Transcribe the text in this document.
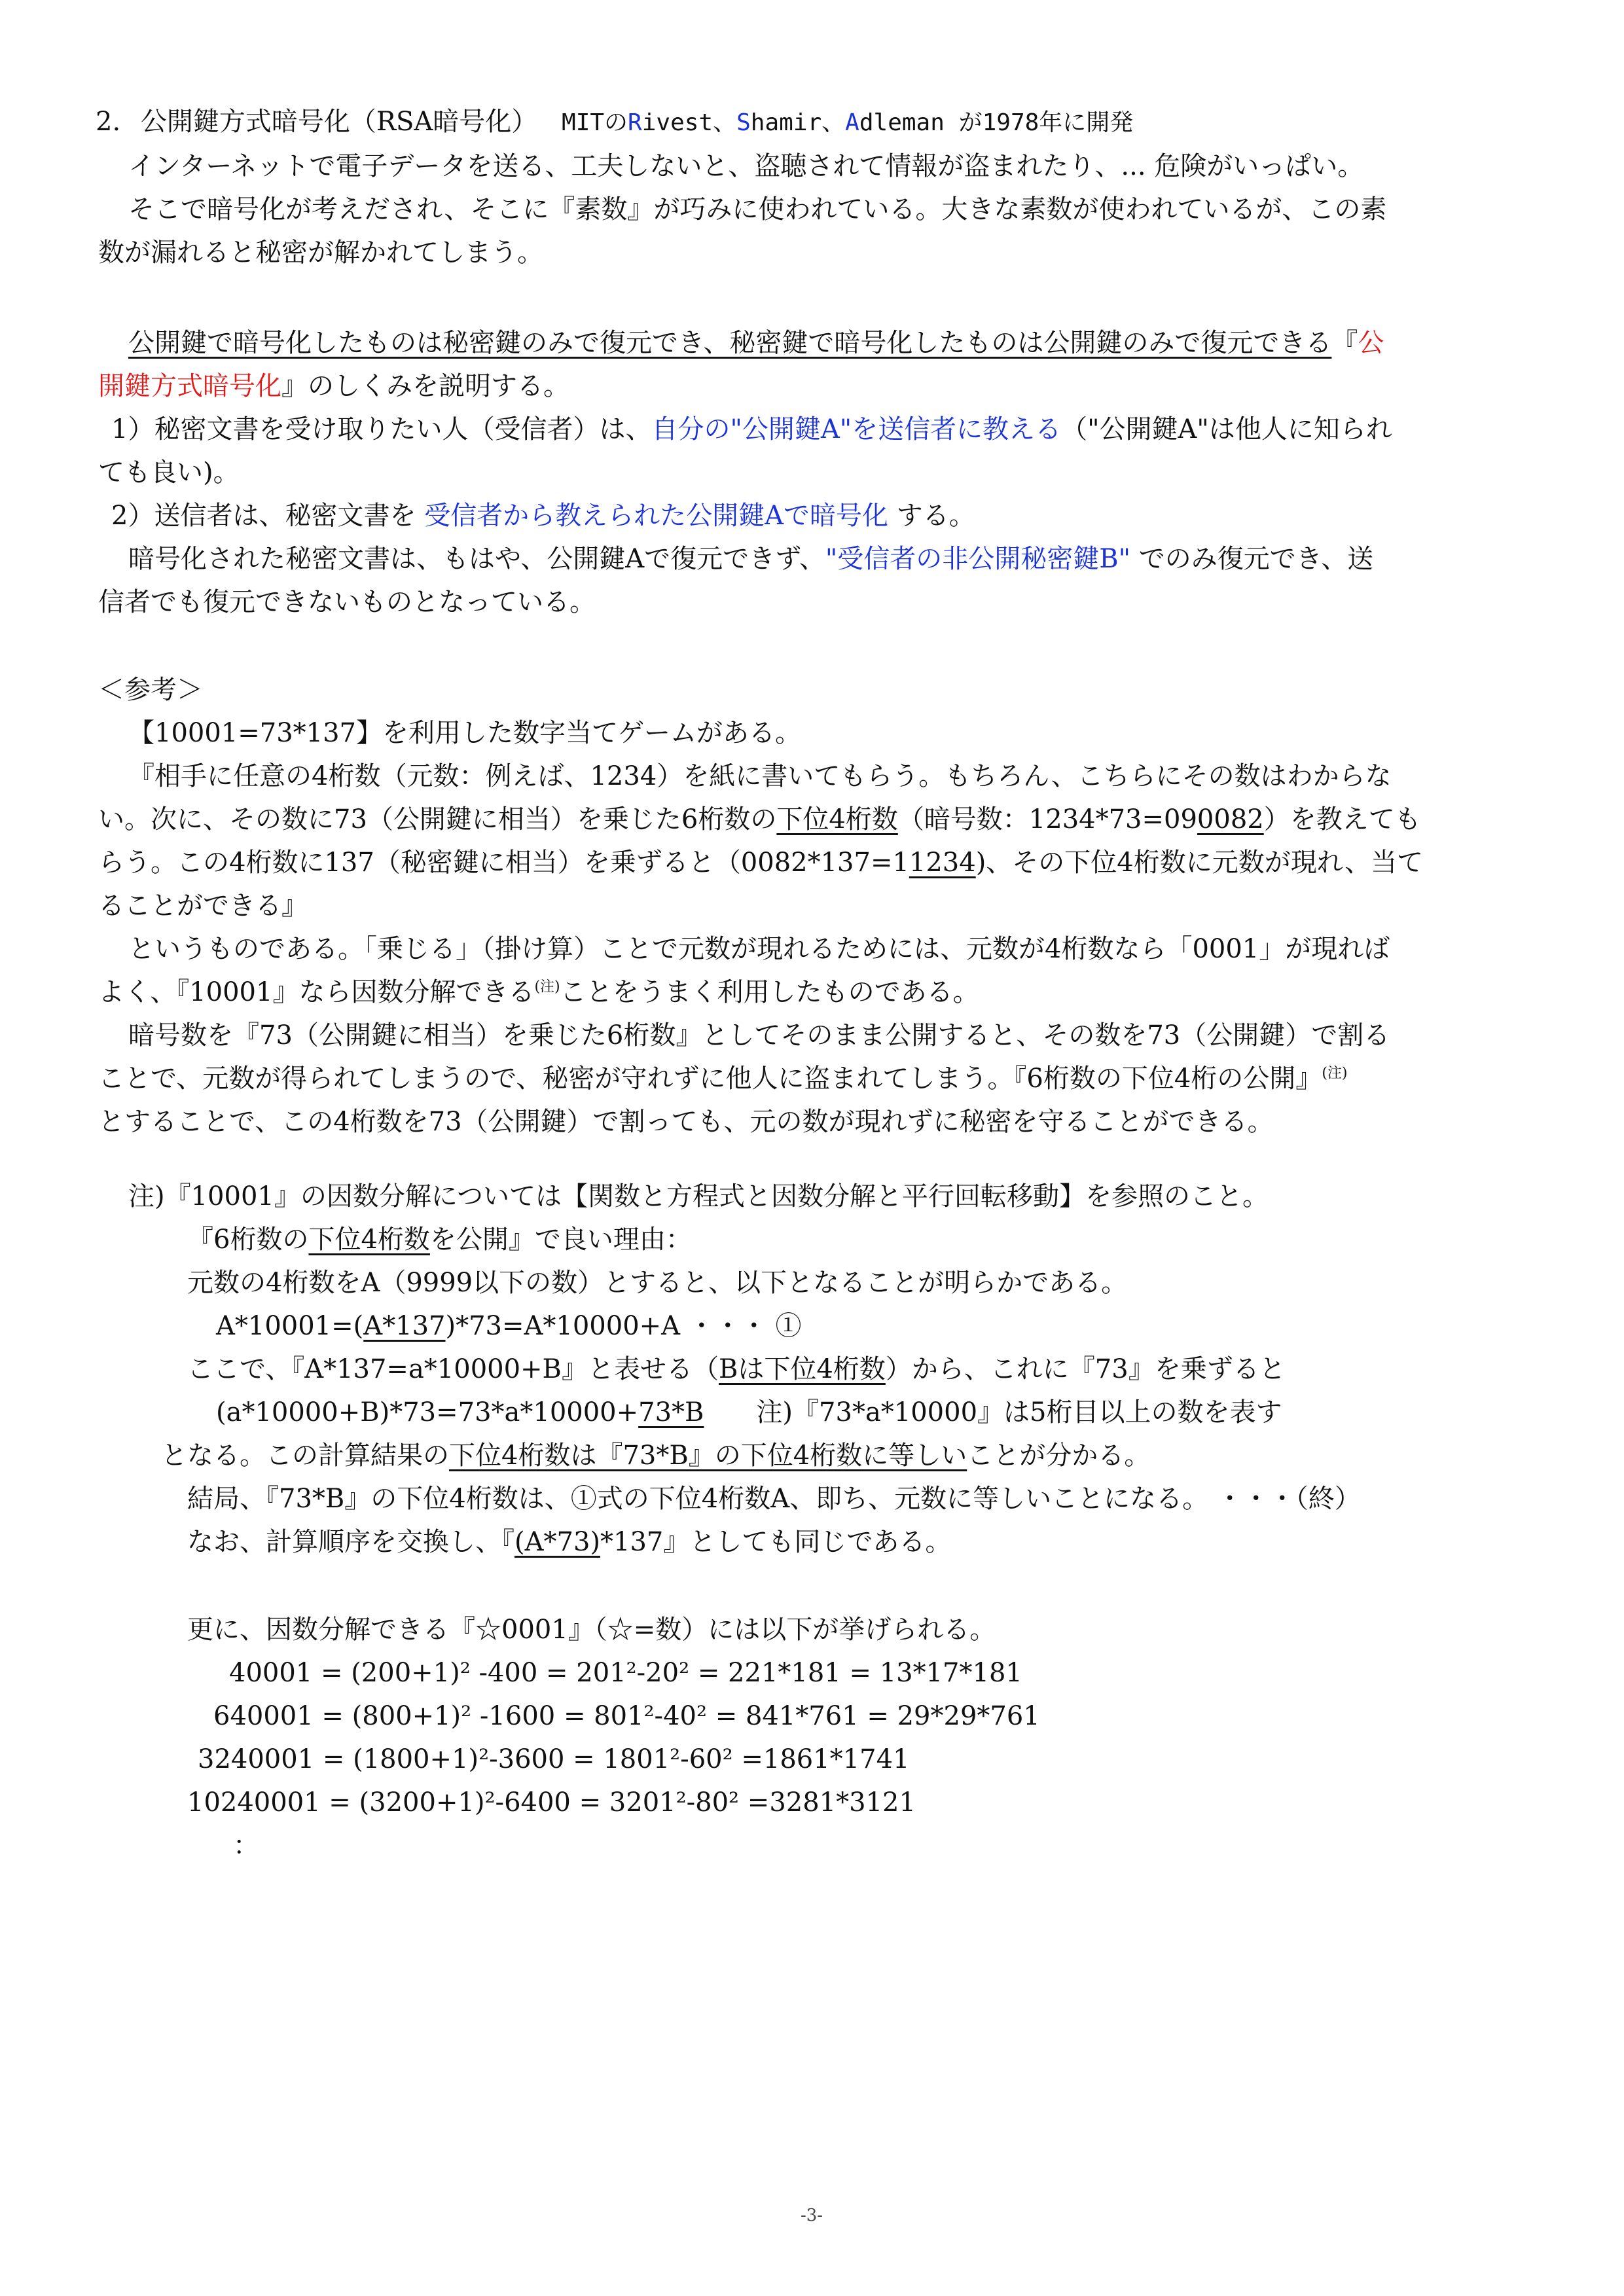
2. 公開鍵方式暗号化（RSA暗号化） MITのRivest、Shamir、Adleman が1978年に開発
インターネットで電子データを送る、工夫しないと、盗聴されて情報が盗まれたり、... 危険がいっぱい。
そこで暗号化が考えだされ、そこに『素数』が巧みに使われている。大きな素数が使われているが、この素
数が漏れると秘密が解かれてしまう。
公開鍵で暗号化したものは秘密鍵のみで復元でき、秘密鍵で暗号化したものは公開鍵のみで復元できる『公
開鍵方式暗号化』のしくみを説明する。
1）秘密文書を受け取りたい人（受信者）は、自分の"公開鍵A"を送信者に教える（"公開鍵A"は他人に知られ
ても良い)。
2）送信者は、秘密文書を 受信者から教えられた公開鍵Aで暗号化 する。
暗号化された秘密文書は、もはや、公開鍵Aで復元できず、"受信者の非公開秘密鍵B" でのみ復元でき、送
信者でも復元できないものとなっている。
＜参考＞
【10001=73*137】を利用した数字当てゲームがある。
『相手に任意の4桁数（元数：例えば、1234）を紙に書いてもらう。もちろん、こちらにその数はわからな
い。次に、その数に73（公開鍵に相当）を乗じた6桁数の下位4桁数（暗号数：1234*73=090082）を教えても
らう。この4桁数に137（秘密鍵に相当）を乗ずると（0082*137=11234)、その下位4桁数に元数が現れ、当て
ることができる』
というものである。「乗じる」（掛け算）ことで元数が現れるためには、元数が4桁数なら「0001」が現れば
よく、『10001』なら因数分解できる$^{(注)}$ことをうまく利用したものである。
暗号数を『73（公開鍵に相当）を乗じた6桁数』としてそのまま公開すると、その数を73（公開鍵）で割る
ことで、元数が得られてしまうので、秘密が守れずに他人に盗まれてしまう。『6桁数の下位4桁の公開』$^{(注)}$
とすることで、この4桁数を73（公開鍵）で割っても、元の数が現れずに秘密を守ることができる。
注)『10001』の因数分解については【関数と方程式と因数分解と平行回転移動】を参照のこと。
『6桁数の下位4桁数を公開』で良い理由：
元数の4桁数をA（9999以下の数）とすると、以下となることが明らかである。
A*10001=(A*137)*73=A*10000+A ・・・ ①
ここで、『A*137=a*10000+B』と表せる（Bは下位4桁数）から、これに『73』を乗ずると
(a*10000+B)*73=73*a*10000+73*B 注)『73*a*10000』は5桁目以上の数を表す
となる。この計算結果の下位4桁数は『73*B』の下位4桁数に等しいことが分かる。
結局、『73*B』の下位4桁数は、①式の下位4桁数A、即ち、元数に等しいことになる。 ・・・（終）
なお、計算順序を交換し、『(A*73)*137』としても同じである。
更に、因数分解できる『☆0001』（☆=数）には以下が挙げられる。
40001 = (200+1)² -400 = 201²-20² = 221*181 = 13*17*181
640001 = (800+1)² -1600 = 801²-40² = 841*761 = 29*29*761
3240001 = (1800+1)²-3600 = 1801²-60² =1861*1741
10240001 = (3200+1)²-6400 = 3201²-80² =3281*3121
：
-3-
